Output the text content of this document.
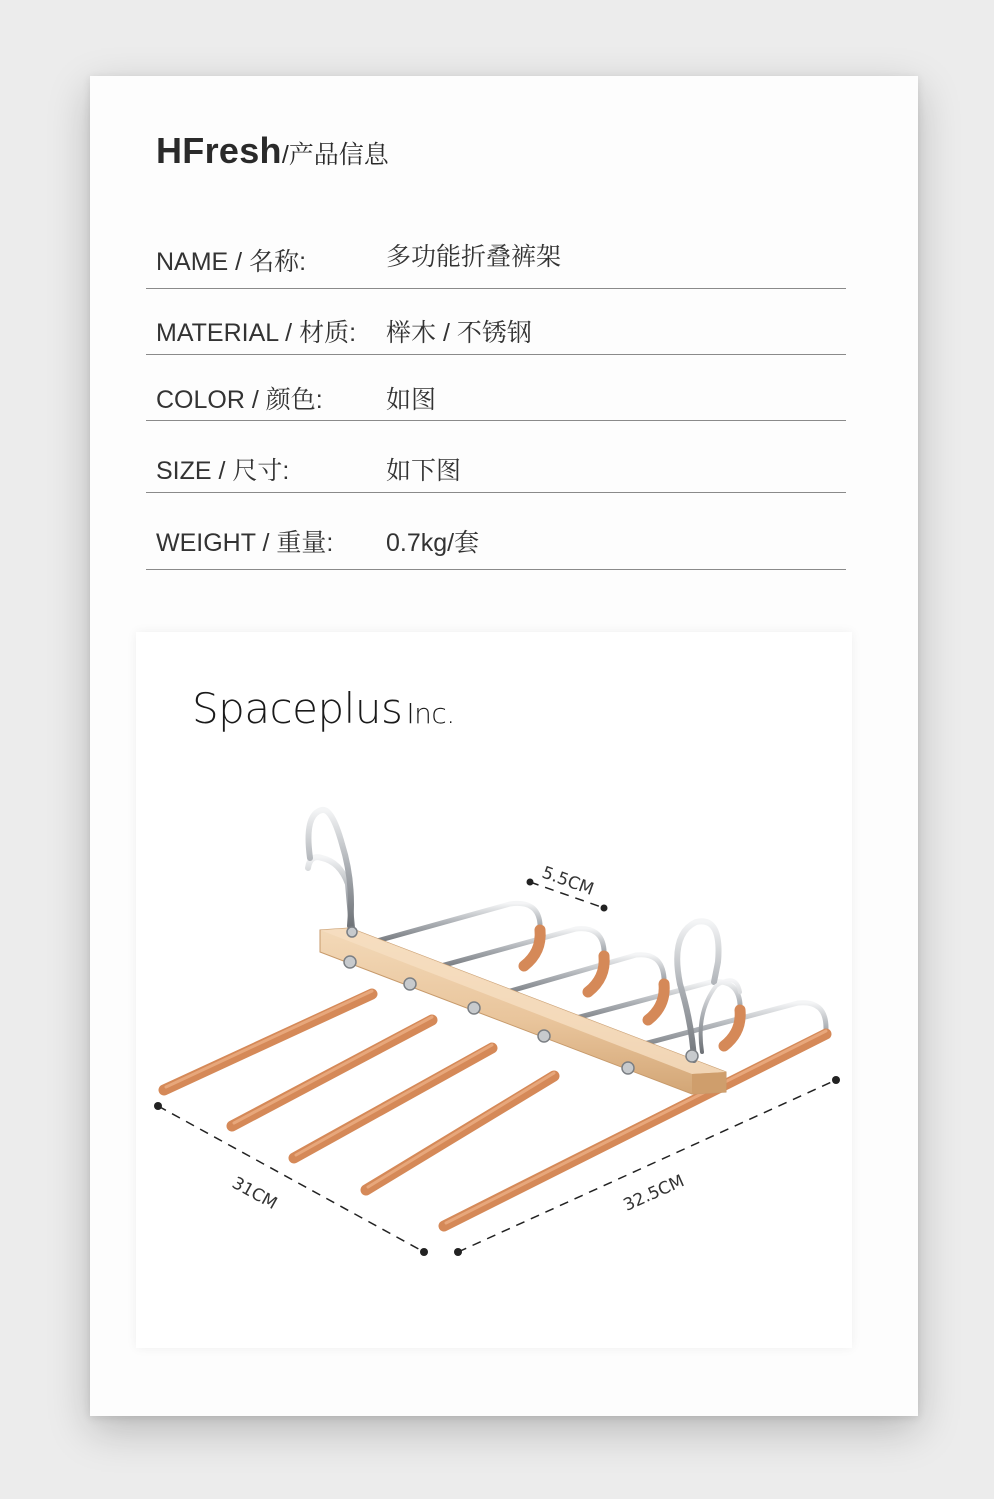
HFresh/产品信息
NAME / 名称:	多功能折叠裤架
MATERIAL / 材质: 榉木 / 不锈钢
COLOR / 颜色:	如图
SIZE / 尺寸:	如下图
WEIGHT / 重量: 0.7kg/套
Spaceplus Inc.
5.5CM
31CM	32.5CM
